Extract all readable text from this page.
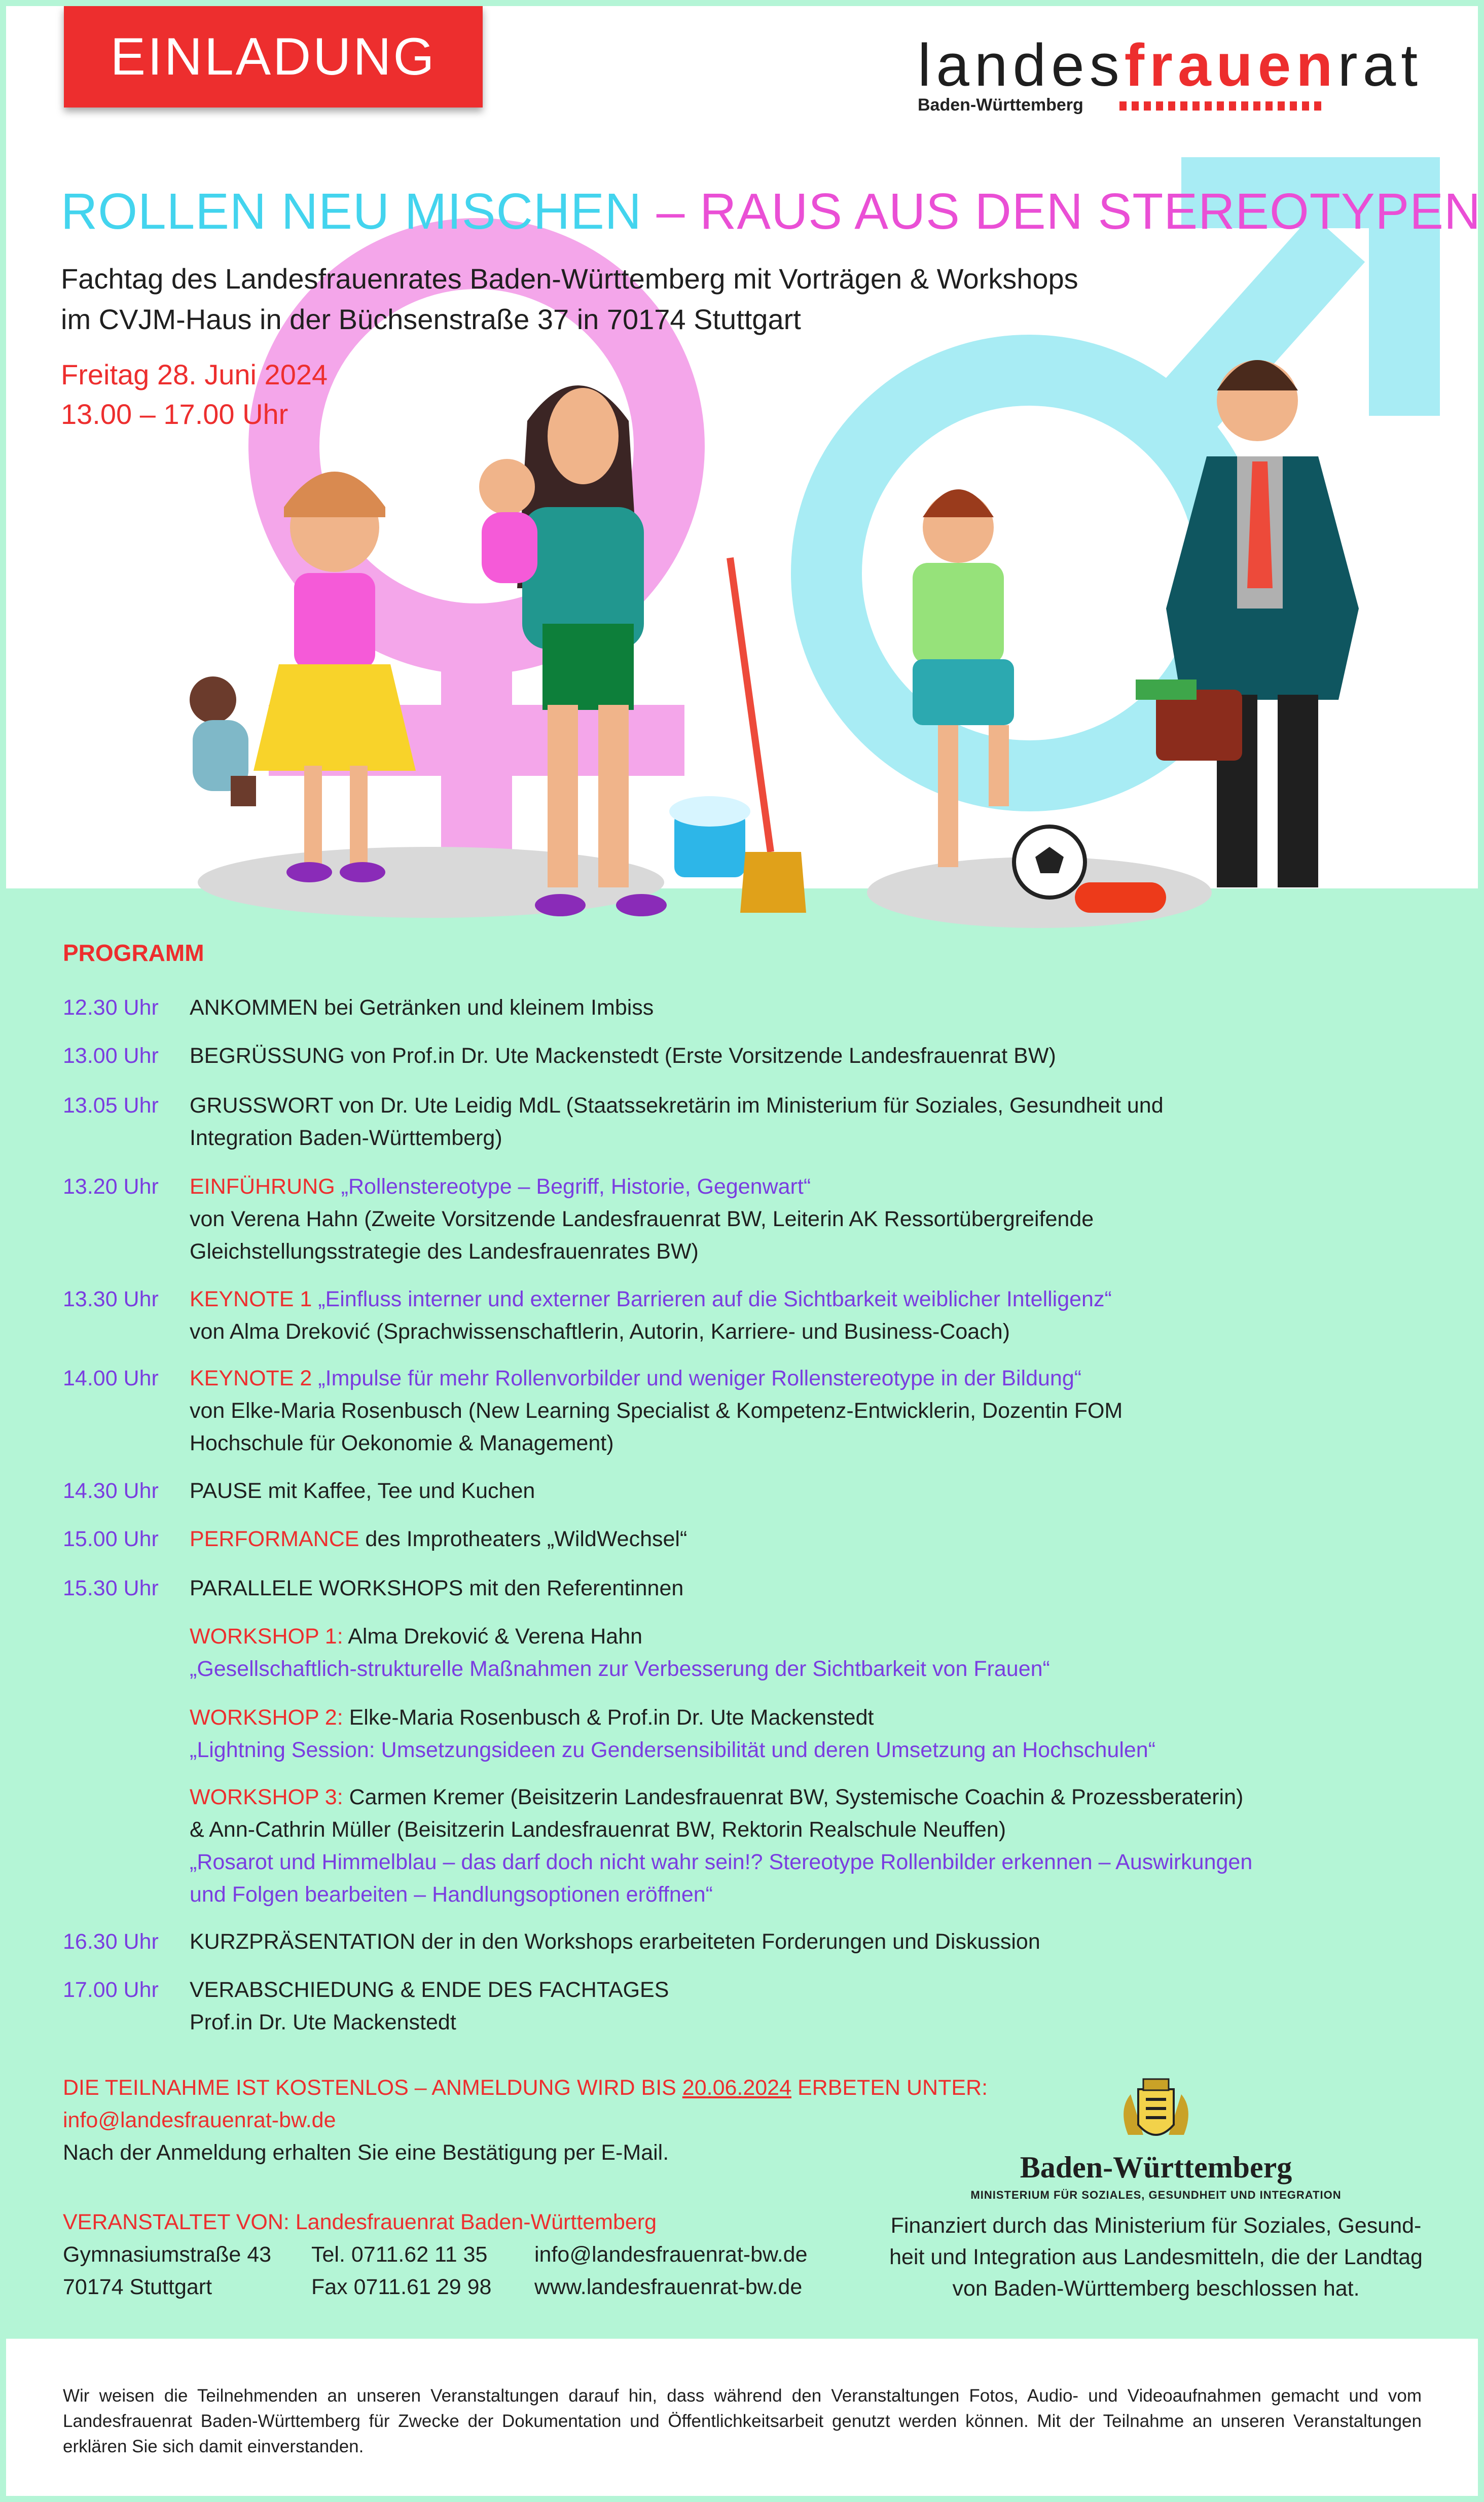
EINLADUNG	landesfrauenrat
Baden-Württemberg
ROLLEN NEU MISCHEN – RAUS AUS DEN STEREOTYPEN
Fachtag des Landesfrauenrates Baden-Württemberg mit Vorträgen & Workshops
im CVJM-Haus in der Büchsenstraße 37 in 70174 Stuttgart
Freitag 28. Juni 2024
13.00 – 17.00 Uhr
PROGRAMM
12.30 Uhr ANKOMMEN bei Getränken und kleinem Imbiss
13.00 Uhr BEGRÜSSUNG von Prof.in Dr. Ute Mackenstedt (Erste Vorsitzende Landesfrauenrat BW)
13.05 Uhr GRUSSWORT von Dr. Ute Leidig MdL (Staatssekretärin im Ministerium für Soziales, Gesundheit und
Integration Baden-Württemberg)
13.20 Uhr EINFÜHRUNG „Rollenstereotype – Begriff, Historie, Gegenwart“
von Verena Hahn (Zweite Vorsitzende Landesfrauenrat BW, Leiterin AK Ressortübergreifende
Gleichstellungsstrategie des Landesfrauenrates BW)
13.30 Uhr KEYNOTE 1 „Einfluss interner und externer Barrieren auf die Sichtbarkeit weiblicher Intelligenz“
von Alma Dreković (Sprachwissenschaftlerin, Autorin, Karriere- und Business-Coach)
14.00 Uhr KEYNOTE 2 „Impulse für mehr Rollenvorbilder und weniger Rollenstereotype in der Bildung“
von Elke-Maria Rosenbusch (New Learning Specialist & Kompetenz-Entwicklerin, Dozentin FOM
Hochschule für Oekonomie & Management)
14.30 Uhr PAUSE mit Kaffee, Tee und Kuchen
15.00 Uhr PERFORMANCE des Improtheaters „WildWechsel“
15.30 Uhr PARALLELE WORKSHOPS mit den Referentinnen
WORKSHOP 1: Alma Dreković & Verena Hahn
„Gesellschaftlich-strukturelle Maßnahmen zur Verbesserung der Sichtbarkeit von Frauen“
WORKSHOP 2: Elke-Maria Rosenbusch & Prof.in Dr. Ute Mackenstedt
„Lightning Session: Umsetzungsideen zu Gendersensibilität und deren Umsetzung an Hochschulen“
WORKSHOP 3: Carmen Kremer (Beisitzerin Landesfrauenrat BW, Systemische Coachin & Prozessberaterin)
& Ann-Cathrin Müller (Beisitzerin Landesfrauenrat BW, Rektorin Realschule Neuffen)
„Rosarot und Himmelblau – das darf doch nicht wahr sein!? Stereotype Rollenbilder erkennen – Auswirkungen
und Folgen bearbeiten – Handlungsoptionen eröffnen“
16.30 Uhr KURZPRÄSENTATION der in den Workshops erarbeiteten Forderungen und Diskussion
17.00 Uhr VERABSCHIEDUNG & ENDE DES FACHTAGES
Prof.in Dr. Ute Mackenstedt
DIE TEILNAHME IST KOSTENLOS – ANMELDUNG WIRD BIS 20.06.2024 ERBETEN UNTER:
info@landesfrauenrat-bw.de
Nach der Anmeldung erhalten Sie eine Bestätigung per E-Mail.
VERANSTALTET VON: Landesfrauenrat Baden-Württemberg
Gymnasiumstraße 43
70174 Stuttgart
Tel. 0711.62 11 35
Fax 0711.61 29 98
info@landesfrauenrat-bw.de
www.landesfrauenrat-bw.de
Baden-Württemberg
MINISTERIUM FÜR SOZIALES, GESUNDHEIT UND INTEGRATION
Finanziert durch das Ministerium für Soziales, Gesund-
heit und Integration aus Landesmitteln, die der Landtag
von Baden-Württemberg beschlossen hat.
Wir weisen die Teilnehmenden an unseren Veranstaltungen darauf hin, dass während den Veranstaltungen Fotos, Audio- und Videoaufnahmen gemacht und vom Landesfrauenrat Baden-Württemberg für Zwecke der Dokumentation und Öffentlichkeitsarbeit genutzt werden können. Mit der Teilnahme an unseren Veranstaltungen erklären Sie sich damit einverstanden.
